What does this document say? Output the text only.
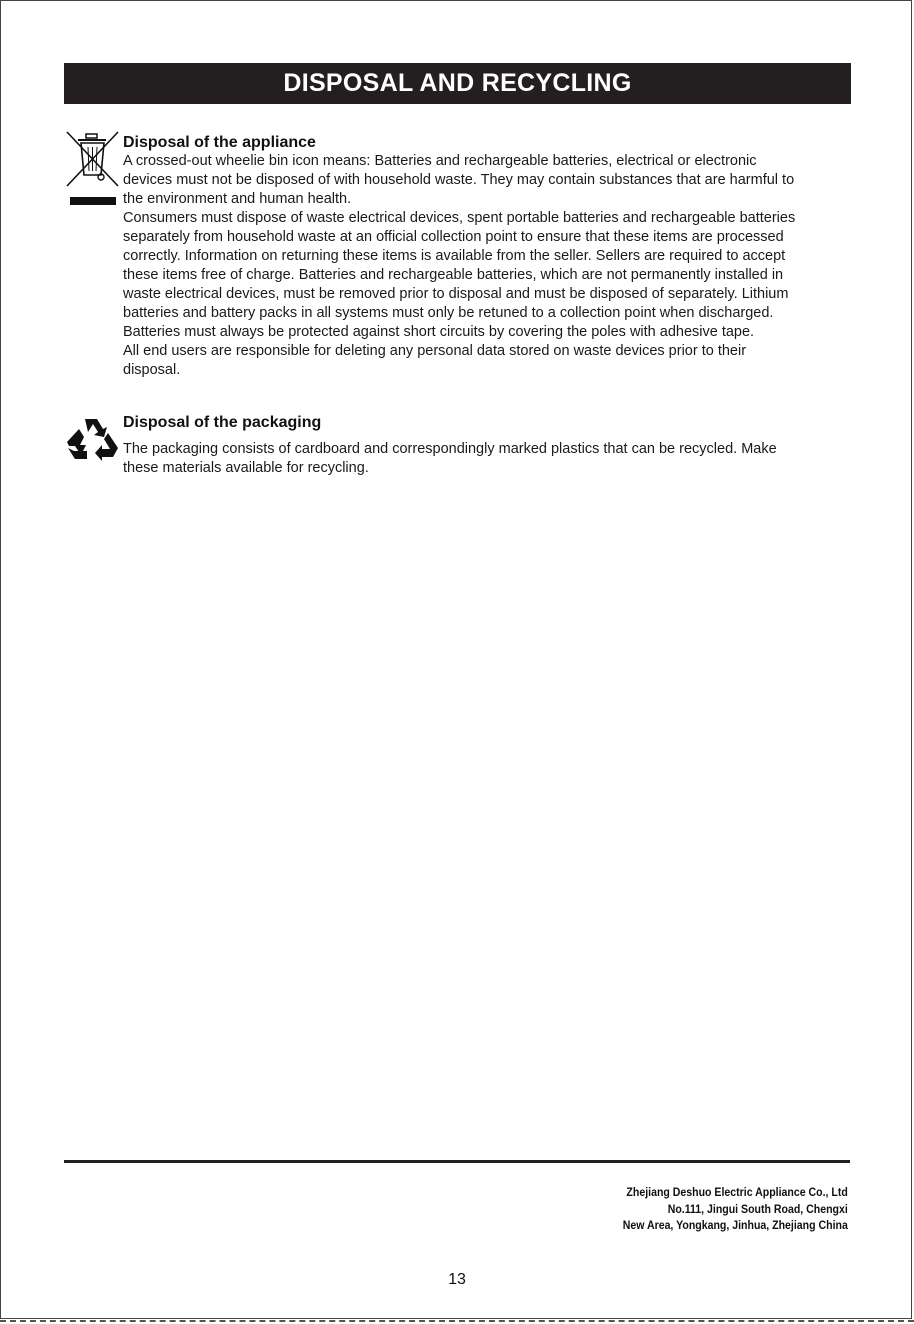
DISPOSAL AND RECYCLING

Disposal of the appliance

A crossed-out wheelie bin icon means: Batteries and rechargeable batteries, electrical or electronic

devices must not be disposed of with household waste. They may contain substances that are harmful to

the environment and human health.

Consumers must dispose of waste electrical devices, spent portable batteries and rechargeable batteries

separately from household waste at an official collection point to ensure that these items are processed

correctly. Information on returning these items is available from the seller. Sellers are required to accept

these items free of charge. Batteries and rechargeable batteries, which are not permanently installed in

waste electrical devices, must be removed prior to disposal and must be disposed of separately. Lithium

batteries and battery packs in all systems must only be retuned to a collection point when discharged.

Batteries must always be protected against short circuits by covering the poles with adhesive tape.

All end users are responsible for deleting any personal data stored on waste devices prior to their

disposal.

Disposal of the packaging

The packaging consists of cardboard and correspondingly marked plastics that can be recycled. Make

these materials available for recycling.

Zhejiang Deshuo Electric Appliance Co., Ltd
No.111, Jingui South Road, Chengxi
New Area, Yongkang, Jinhua, Zhejiang China
13
